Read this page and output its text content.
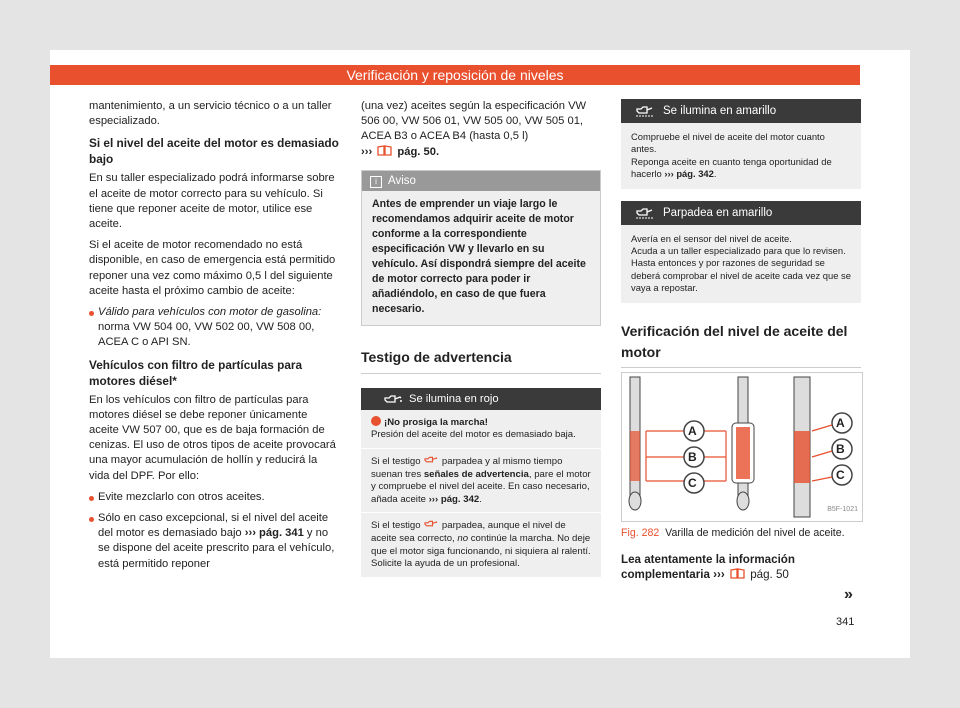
Verificación y reposición de niveles

mantenimiento, a un servicio técnico o a un taller especializado.

Si el nivel del aceite del motor es demasiado bajo

En su taller especializado podrá informarse sobre el aceite de motor correcto para su vehículo. Si tiene que reponer aceite de motor, utilice ese aceite.

Si el aceite de motor recomendado no está disponible, en caso de emergencia está permitido reponer una vez como máximo 0,5 l del siguiente aceite hasta el próximo cambio de aceite:

Válido para vehículos con motor de gasolina: norma VW 504 00, VW 502 00, VW 508 00, ACEA C o API SN.

Vehículos con filtro de partículas para motores diésel*

En los vehículos con filtro de partículas para motores diésel se debe reponer únicamente aceite VW 507 00, que es de baja formación de cenizas. El uso de otros tipos de aceite provocará una mayor acumulación de hollín y reducirá la vida del DPF. Por ello:

Evite mezclarlo con otros aceites.

Sólo en caso excepcional, si el nivel del aceite del motor es demasiado bajo ››› pág. 341 y no se dispone del aceite prescrito para el vehículo, está permitido reponer

(una vez) aceites según la especificación VW 506 00, VW 506 01, VW 505 00, VW 505 01, ACEA B3 o ACEA B4 (hasta 0,5 l)
››› pág. 50.

i Aviso
Antes de emprender un viaje largo le recomendamos adquirir aceite de motor conforme a la correspondiente especificación VW y llevarlo en su vehículo. Así dispondrá siempre del aceite de motor correcto para poder ir añadiéndolo, en caso de que fuera necesario.
Testigo de advertencia
Se ilumina en rojo
¡No prosiga la marcha!
Presión del aceite del motor es demasiado baja.
Si el testigo  parpadea y al mismo tiempo suenan tres señales de advertencia, pare el motor y compruebe el nivel del aceite. En caso necesario, añada aceite ››› pág. 342.
Si el testigo  parpadea, aunque el nivel de aceite sea correcto, no continúe la marcha. No deje que el motor siga funcionando, ni siquiera al ralentí. Solicite la ayuda de un profesional.
Se ilumina en amarillo
Compruebe el nivel de aceite del motor cuanto antes.
Reponga aceite en cuanto tenga oportunidad de hacerlo ››› pág. 342.
Parpadea en amarillo
Avería en el sensor del nivel de aceite.
Acuda a un taller especializado para que lo revisen.
Hasta entonces y por razones de seguridad se deberá comprobar el nivel de aceite cada vez que se vaya a repostar.
Verificación del nivel de aceite del motor
A
B
C
A
B
C
B5F-1021
Fig. 282 Varilla de medición del nivel de aceite.
Lea atentamente la información complementaria ››› pág. 50
»
341
